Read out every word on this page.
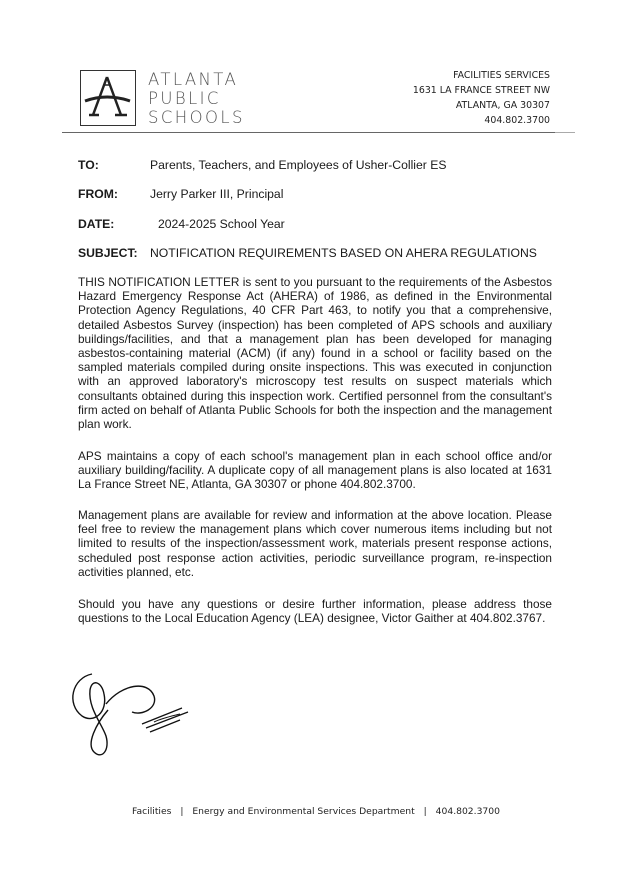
ATLANTA
PUBLIC
SCHOOLS
FACILITIES SERVICES
1631 LA FRANCE STREET NW
ATLANTA, GA 30307
404.802.3700
TO:	Parents, Teachers, and Employees of Usher-Collier ES
FROM:	Jerry Parker III, Principal
DATE:	2024-2025 School Year
SUBJECT: NOTIFICATION REQUIREMENTS BASED ON AHERA REGULATIONS

THIS NOTIFICATION LETTER is sent to you pursuant to the requirements of the Asbestos Hazard Emergency Response Act (AHERA) of 1986, as defined in the Environmental Protection Agency Regulations, 40 CFR Part 463, to notify you that a comprehensive, detailed Asbestos Survey (inspection) has been completed of APS schools and auxiliary buildings/facilities, and that a management plan has been developed for managing asbestos-containing material (ACM) (if any) found in a school or facility based on the sampled materials compiled during onsite inspections. This was executed in conjunction with an approved laboratory's microscopy test results on suspect materials which consultants obtained during this inspection work. Certified personnel from the consultant's firm acted on behalf of Atlanta Public Schools for both the inspection and the management plan work.

APS maintains a copy of each school's management plan in each school office and/or auxiliary building/facility. A duplicate copy of all management plans is also located at 1631 La France Street NE, Atlanta, GA 30307 or phone 404.802.3700.

Management plans are available for review and information at the above location. Please feel free to review the management plans which cover numerous items including but not limited to results of the inspection/assessment work, materials present response actions, scheduled post response action activities, periodic surveillance program, re-inspection activities planned, etc.

Should you have any questions or desire further information, please address those questions to the Local Education Agency (LEA) designee, Victor Gaither at 404.802.3767.

Facilities | Energy and Environmental Services Department | 404.802.3700
